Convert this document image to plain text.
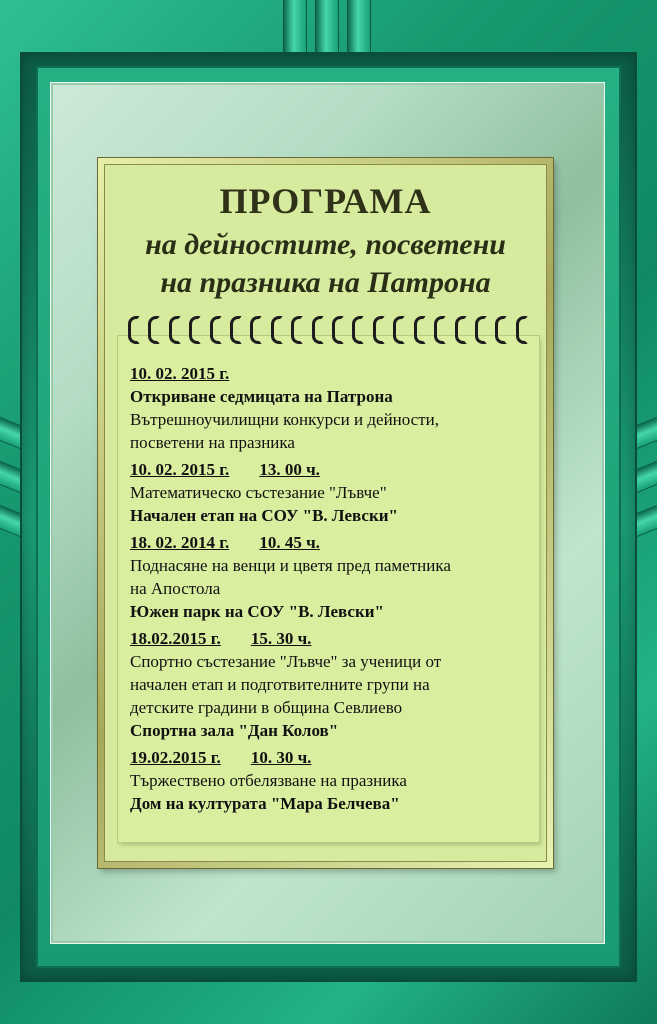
ПРОГРАМА
на дейностите, посветени
на празника на Патрона
10. 02. 2015 г.
Откриване седмицата на Патрона
Вътрешноучилищни конкурси и дейности,
посветени на празника
10. 02. 2015 г. 13. 00 ч.
Математическо състезание "Лъвче"
Начален етап на СОУ "В. Левски"
18. 02. 2014 г. 10. 45 ч.
Поднасяне на венци и цветя пред паметника
на Апостола
Южен парк на СОУ "В. Левски"
18.02.2015 г. 15. 30 ч.
Спортно състезание "Лъвче" за ученици от
начален етап и подготвителните групи на
детските градини в община Севлиево
Спортна зала "Дан Колов"
19.02.2015 г. 10. 30 ч.
Тържествено отбелязване на празника
Дом на културата "Мара Белчева"
